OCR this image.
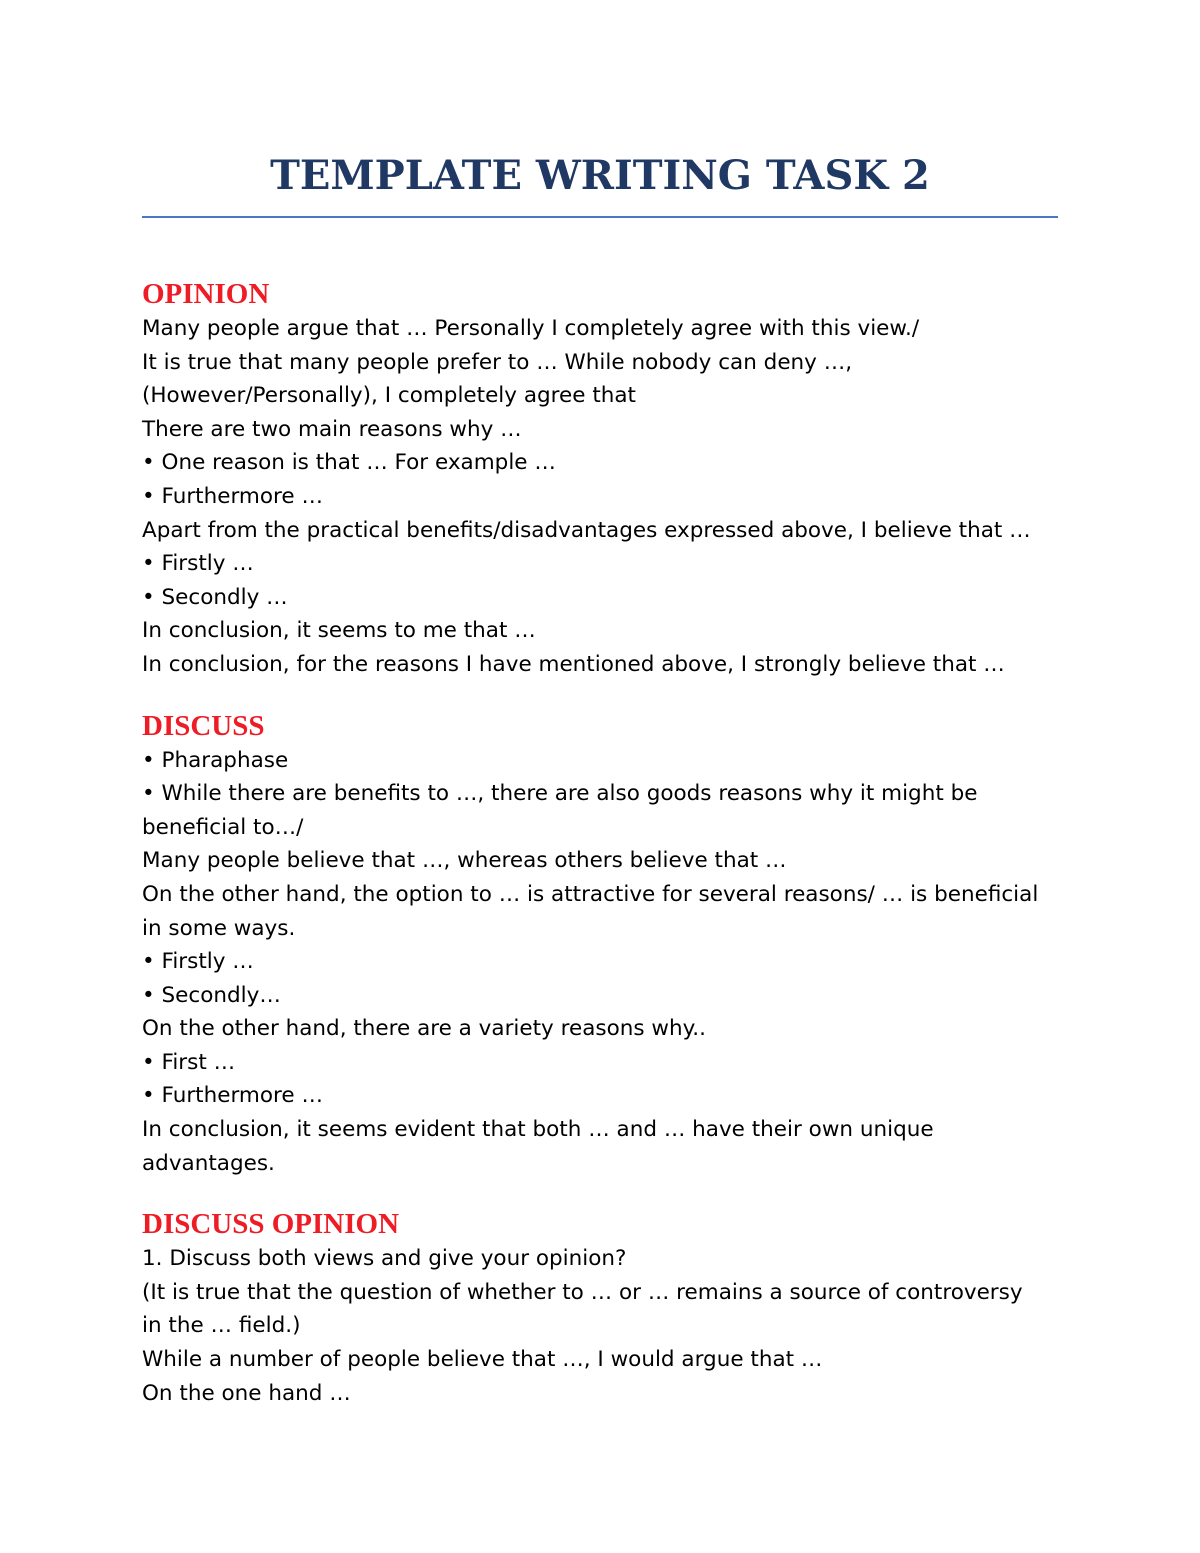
TEMPLATE WRITING TASK 2
OPINION

Many people argue that … Personally I completely agree with this view./

It is true that many people prefer to … While nobody can deny …,

(However/Personally), I completely agree that

There are two main reasons why …

• One reason is that … For example …

• Furthermore …

Apart from the practical benefits/disadvantages expressed above, I believe that …

• Firstly …

• Secondly …

In conclusion, it seems to me that …

In conclusion, for the reasons I have mentioned above, I strongly believe that …

DISCUSS

• Pharaphase

• While there are benefits to …, there are also goods reasons why it might be

beneficial to…/

Many people believe that …, whereas others believe that …

On the other hand, the option to … is attractive for several reasons/ … is beneficial

in some ways.

• Firstly …

• Secondly…

On the other hand, there are a variety reasons why..

• First …

• Furthermore …

In conclusion, it seems evident that both … and … have their own unique

advantages.

DISCUSS OPINION

1. Discuss both views and give your opinion?

(It is true that the question of whether to … or … remains a source of controversy

in the … field.)

While a number of people believe that …, I would argue that …

On the one hand …
